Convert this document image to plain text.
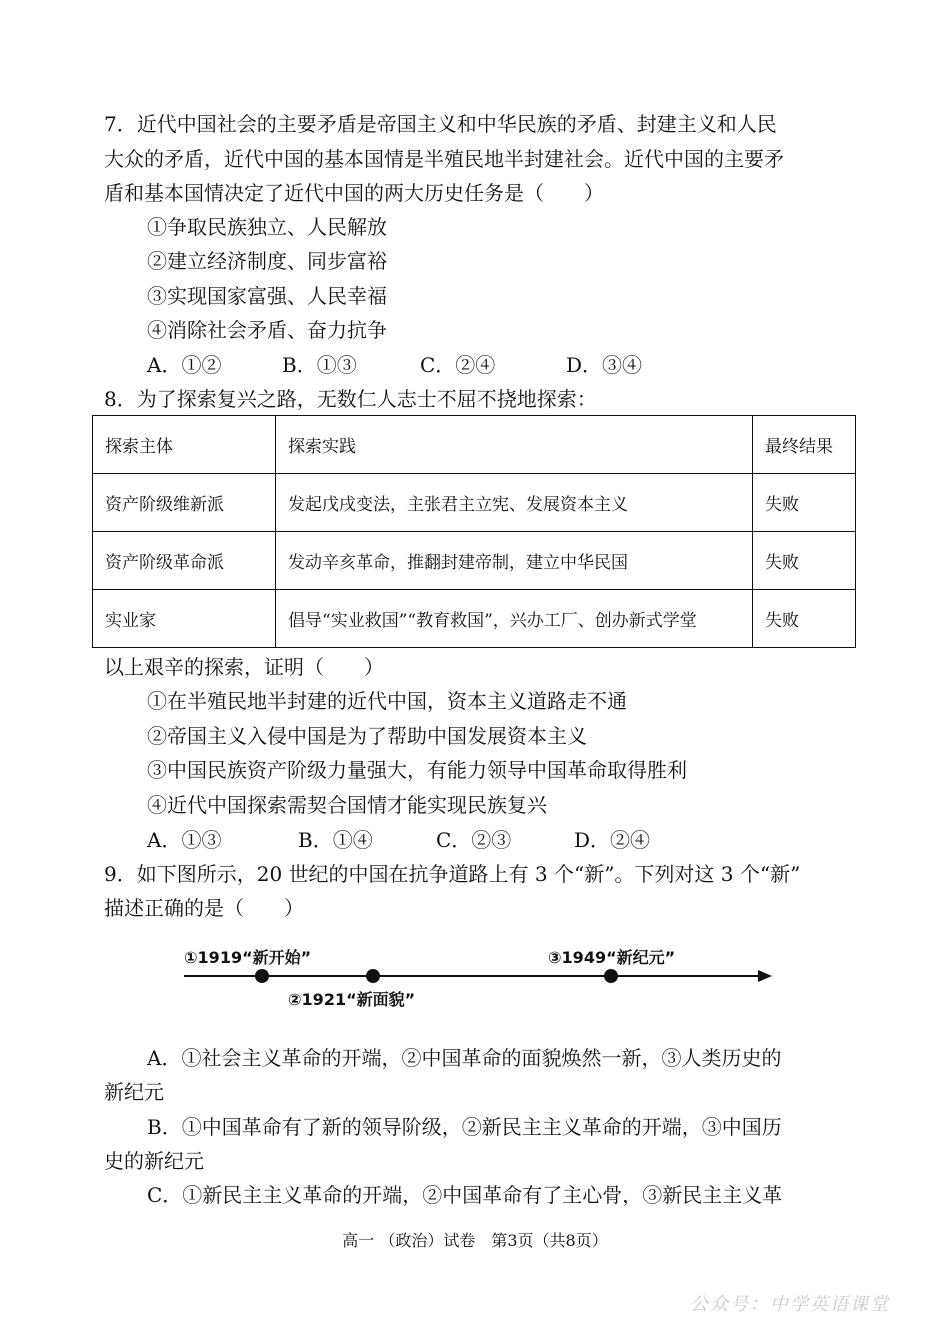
7．近代中国社会的主要矛盾是帝国主义和中华民族的矛盾、封建主义和人民
大众的矛盾，近代中国的基本国情是半殖民地半封建社会。近代中国的主要矛
盾和基本国情决定了近代中国的两大历史任务是（　　）
①争取民族独立、人民解放
②建立经济制度、同步富裕
③实现国家富强、人民幸福
④消除社会矛盾、奋力抗争
A．①②	B．①③	C．②④	D．③④
8．为了探索复兴之路，无数仁人志士不屈不挠地探索：
探索主体	探索实践	最终结果
资产阶级维新派	发起戊戌变法，主张君主立宪、发展资本主义	失败
资产阶级革命派	发动辛亥革命，推翻封建帝制，建立中华民国	失败
实业家	倡导“实业救国”“教育救国”，兴办工厂、创办新式学堂	失败
以上艰辛的探索，证明（　　）
①在半殖民地半封建的近代中国，资本主义道路走不通
②帝国主义入侵中国是为了帮助中国发展资本主义
③中国民族资产阶级力量强大，有能力领导中国革命取得胜利
④近代中国探索需契合国情才能实现民族复兴
A．①③	B．①④	C．②③	D．②④
9．如下图所示，20 世纪的中国在抗争道路上有 3 个“新”。下列对这 3 个“新”
描述正确的是（　　）
①1919“新开始”	③1949“新纪元”
②1921“新面貌”
A．①社会主义革命的开端，②中国革命的面貌焕然一新，③人类历史的
新纪元
B．①中国革命有了新的领导阶级，②新民主主义革命的开端，③中国历
史的新纪元
C．①新民主主义革命的开端，②中国革命有了主心骨，③新民主主义革
高一 （政治）试卷　第3页（共8页）
公众号：中学英语课堂
